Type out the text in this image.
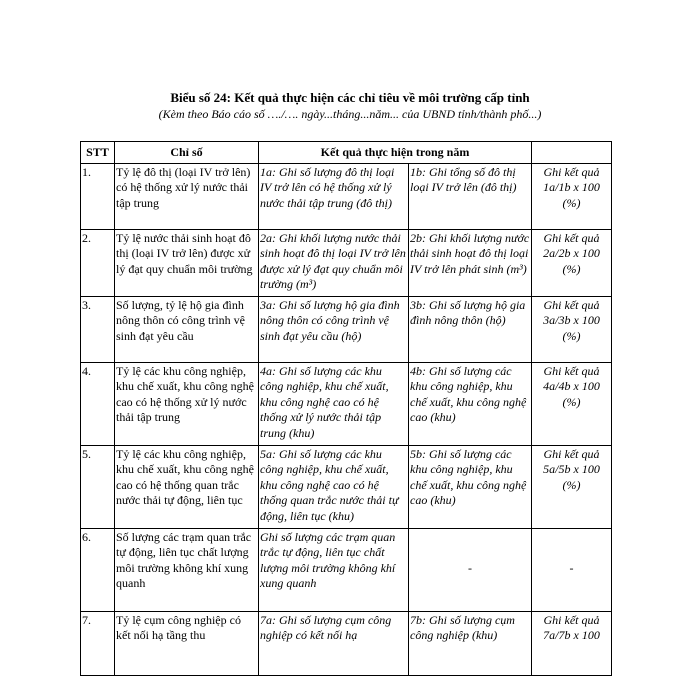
Biểu số 24: Kết quả thực hiện các chỉ tiêu về môi trường cấp tỉnh
(Kèm theo Báo cáo số …./…. ngày...tháng...năm... của UBND tỉnh/thành phố...)
STT	Chỉ số	Kết quả thực hiện trong năm		
1.	Tỷ lệ đô thị (loại IV trở lên) có hệ thống xử lý nước thải tập trung	1a: Ghi số lượng đô thị loại IV trở lên có hệ thống xử lý nước thải tập trung (đô thị)	1b: Ghi tổng số đô thị loại IV trở lên (đô thị)	Ghi kết quả 1a/1b x 100 (%)
2.	Tỷ lệ nước thải sinh hoạt đô thị (loại IV trở lên) được xử lý đạt quy chuẩn môi trường	2a: Ghi khối lượng nước thải sinh hoạt đô thị loại IV trở lên được xử lý đạt quy chuẩn môi trường (m³)	2b: Ghi khối lượng nước thải sinh hoạt đô thị loại IV trở lên phát sinh (m³)	Ghi kết quả 2a/2b x 100 (%)
3.	Số lượng, tỷ lệ hộ gia đình nông thôn có công trình vệ sinh đạt yêu cầu	3a: Ghi số lượng hộ gia đình nông thôn có công trình vệ sinh đạt yêu cầu (hộ)	3b: Ghi số lượng hộ gia đình nông thôn (hộ)	Ghi kết quả 3a/3b x 100 (%)
4.	Tỷ lệ các khu công nghiệp, khu chế xuất, khu công nghệ cao có hệ thống xử lý nước thải tập trung	4a: Ghi số lượng các khu công nghiệp, khu chế xuất, khu công nghệ cao có hệ thống xử lý nước thải tập trung (khu)	4b: Ghi số lượng các khu công nghiệp, khu chế xuất, khu công nghệ cao (khu)	Ghi kết quả 4a/4b x 100 (%)
5.	Tỷ lệ các khu công nghiệp, khu chế xuất, khu công nghệ cao có hệ thống quan trắc nước thải tự động, liên tục	5a: Ghi số lượng các khu công nghiệp, khu chế xuất, khu công nghệ cao có hệ thống quan trắc nước thải tự động, liên tục (khu)	5b: Ghi số lượng các khu công nghiệp, khu chế xuất, khu công nghệ cao (khu)	Ghi kết quả 5a/5b x 100 (%)
6.	Số lượng các trạm quan trắc tự động, liên tục chất lượng môi trường không khí xung quanh	Ghi số lượng các trạm quan trắc tự động, liên tục chất lượng môi trường không khí xung quanh	-	-
7.	Tỷ lệ cụm công nghiệp có kết nối hạ tầng thu	7a: Ghi số lượng cụm công nghiệp có kết nối hạ	7b: Ghi số lượng cụm công nghiệp (khu)	Ghi kết quả 7a/7b x 100
